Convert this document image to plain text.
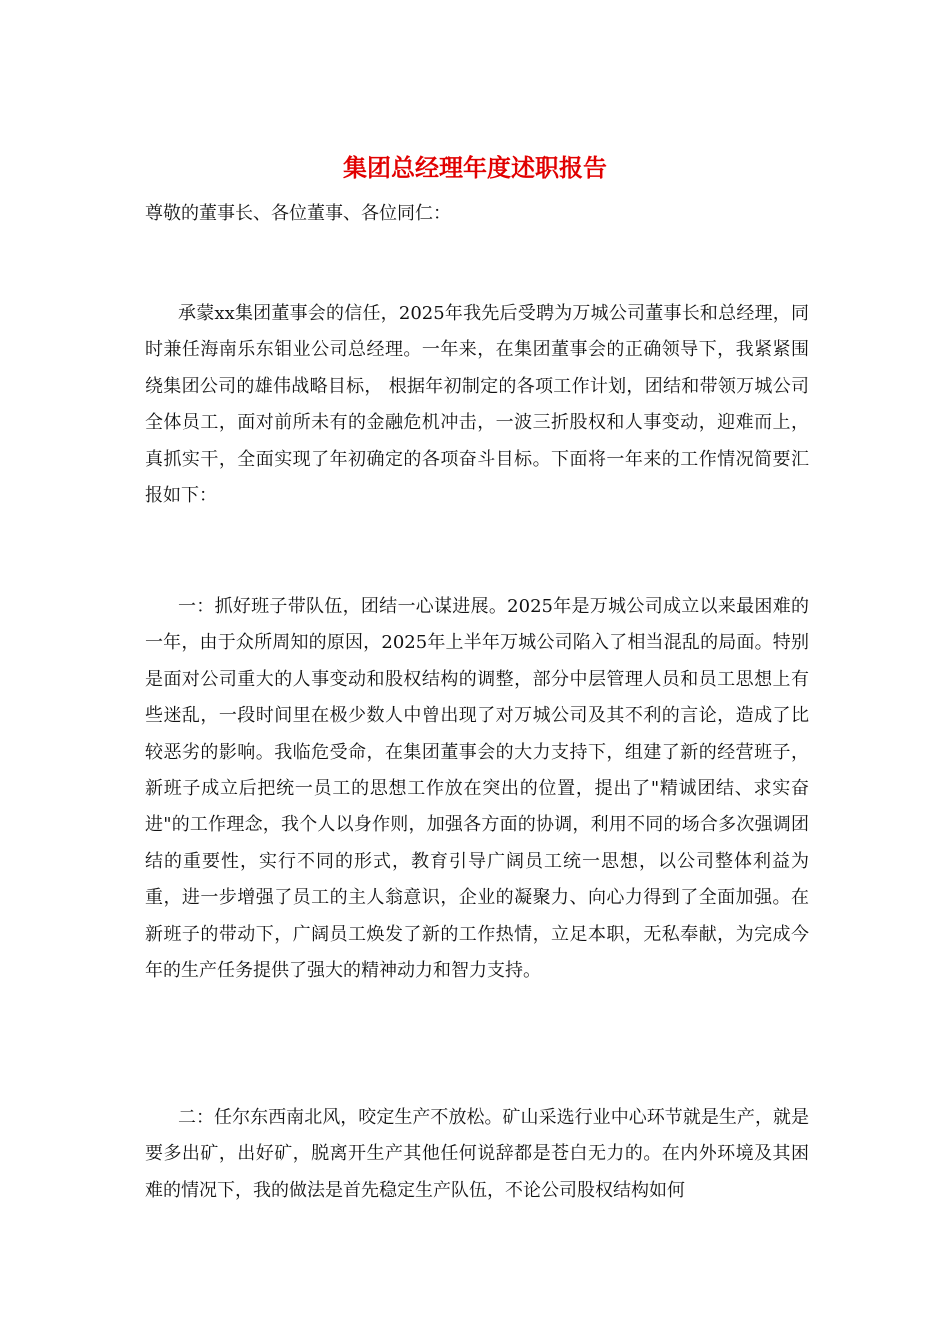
集团总经理年度述职报告

尊敬的董事长、各位董事、各位同仁：

承蒙xx集团董事会的信任，2025年我先后受聘为万城公司董事长和总经理，同时兼任海南乐东钼业公司总经理。一年来，在集团董事会的正确领导下，我紧紧围绕集团公司的雄伟战略目标， 根据年初制定的各项工作计划，团结和带领万城公司全体员工，面对前所未有的金融危机冲击，一波三折股权和人事变动，迎难而上，真抓实干，全面实现了年初确定的各项奋斗目标。下面将一年来的工作情况简要汇报如下：

一：抓好班子带队伍，团结一心谋进展。2025年是万城公司成立以来最困难的一年，由于众所周知的原因，2025年上半年万城公司陷入了相当混乱的局面。特别是面对公司重大的人事变动和股权结构的调整，部分中层管理人员和员工思想上有些迷乱，一段时间里在极少数人中曾出现了对万城公司及其不利的言论，造成了比较恶劣的影响。我临危受命，在集团董事会的大力支持下，组建了新的经营班子，新班子成立后把统一员工的思想工作放在突出的位置，提出了"精诚团结、求实奋进"的工作理念，我个人以身作则，加强各方面的协调，利用不同的场合多次强调团结的重要性，实行不同的形式，教育引导广阔员工统一思想，以公司整体利益为重，进一步增强了员工的主人翁意识，企业的凝聚力、向心力得到了全面加强。在新班子的带动下，广阔员工焕发了新的工作热情，立足本职，无私奉献，为完成今年的生产任务提供了强大的精神动力和智力支持。

二：任尔东西南北风，咬定生产不放松。矿山采选行业中心环节就是生产，就是要多出矿，出好矿，脱离开生产其他任何说辞都是苍白无力的。在内外环境及其困难的情况下，我的做法是首先稳定生产队伍，不论公司股权结构如何
